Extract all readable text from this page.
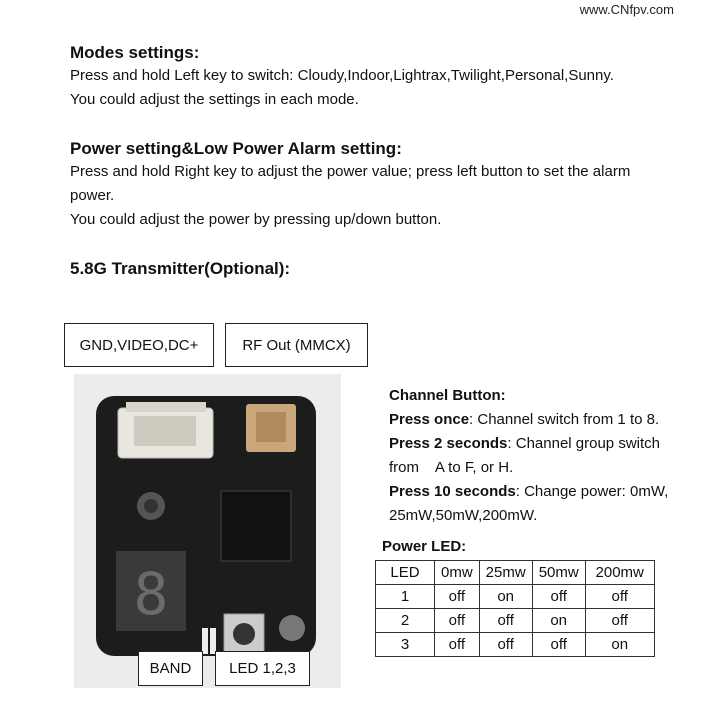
www.CNfpv.com
Modes settings:

Press and hold Left key to switch: Cloudy,Indoor,Lightrax,Twilight,Personal,Sunny.

You could adjust the settings in each mode.

Power setting&Low Power Alarm setting:

Press and hold Right key to adjust the power value; press left button to set the alarm

power.

You could adjust the power by pressing up/down button.

5.8G Transmitter(Optional):
GND,VIDEO,DC+	RF Out (MMCX)
8
BAND	LED 1,2,3
Channel Button:
Press once: Channel switch from 1 to 8.
Press 2 seconds: Channel group switch
from    A to F, or H.
Press 10 seconds: Change power: 0mW,
25mW,50mW,200mW.
Power LED:
LED	0mw	25mw	50mw	200mw
1	off	on	off	off
2	off	off	on	off
3	off	off	off	on
